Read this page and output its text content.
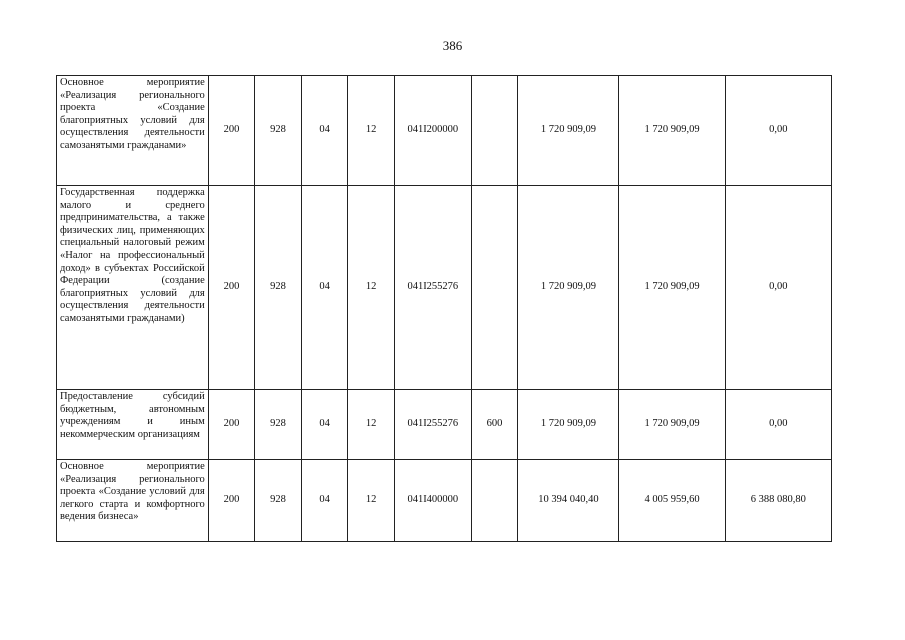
386
Основное мероприятие «Реализация регионального проекта «Создание благоприятных условий для осуществления деятельности самозанятыми гражданами»	200	928	04	12	041I200000		1 720 909,09	1 720 909,09	0,00
Государственная поддержка малого и среднего предпринимательства, а также физических лиц, применяющих специальный налоговый режим «Налог на профессиональный доход» в субъектах Российской Федерации (создание благоприятных условий для осуществления деятельности самозанятыми гражданами)	200	928	04	12	041I255276		1 720 909,09	1 720 909,09	0,00
Предоставление субсидий бюджетным, автономным учреждениям и иным некоммерческим организациям	200	928	04	12	041I255276	600	1 720 909,09	1 720 909,09	0,00
Основное мероприятие «Реализация регионального проекта «Создание условий для легкого старта и комфортного ведения бизнеса»	200	928	04	12	041I400000		10 394 040,40	4 005 959,60	6 388 080,80
